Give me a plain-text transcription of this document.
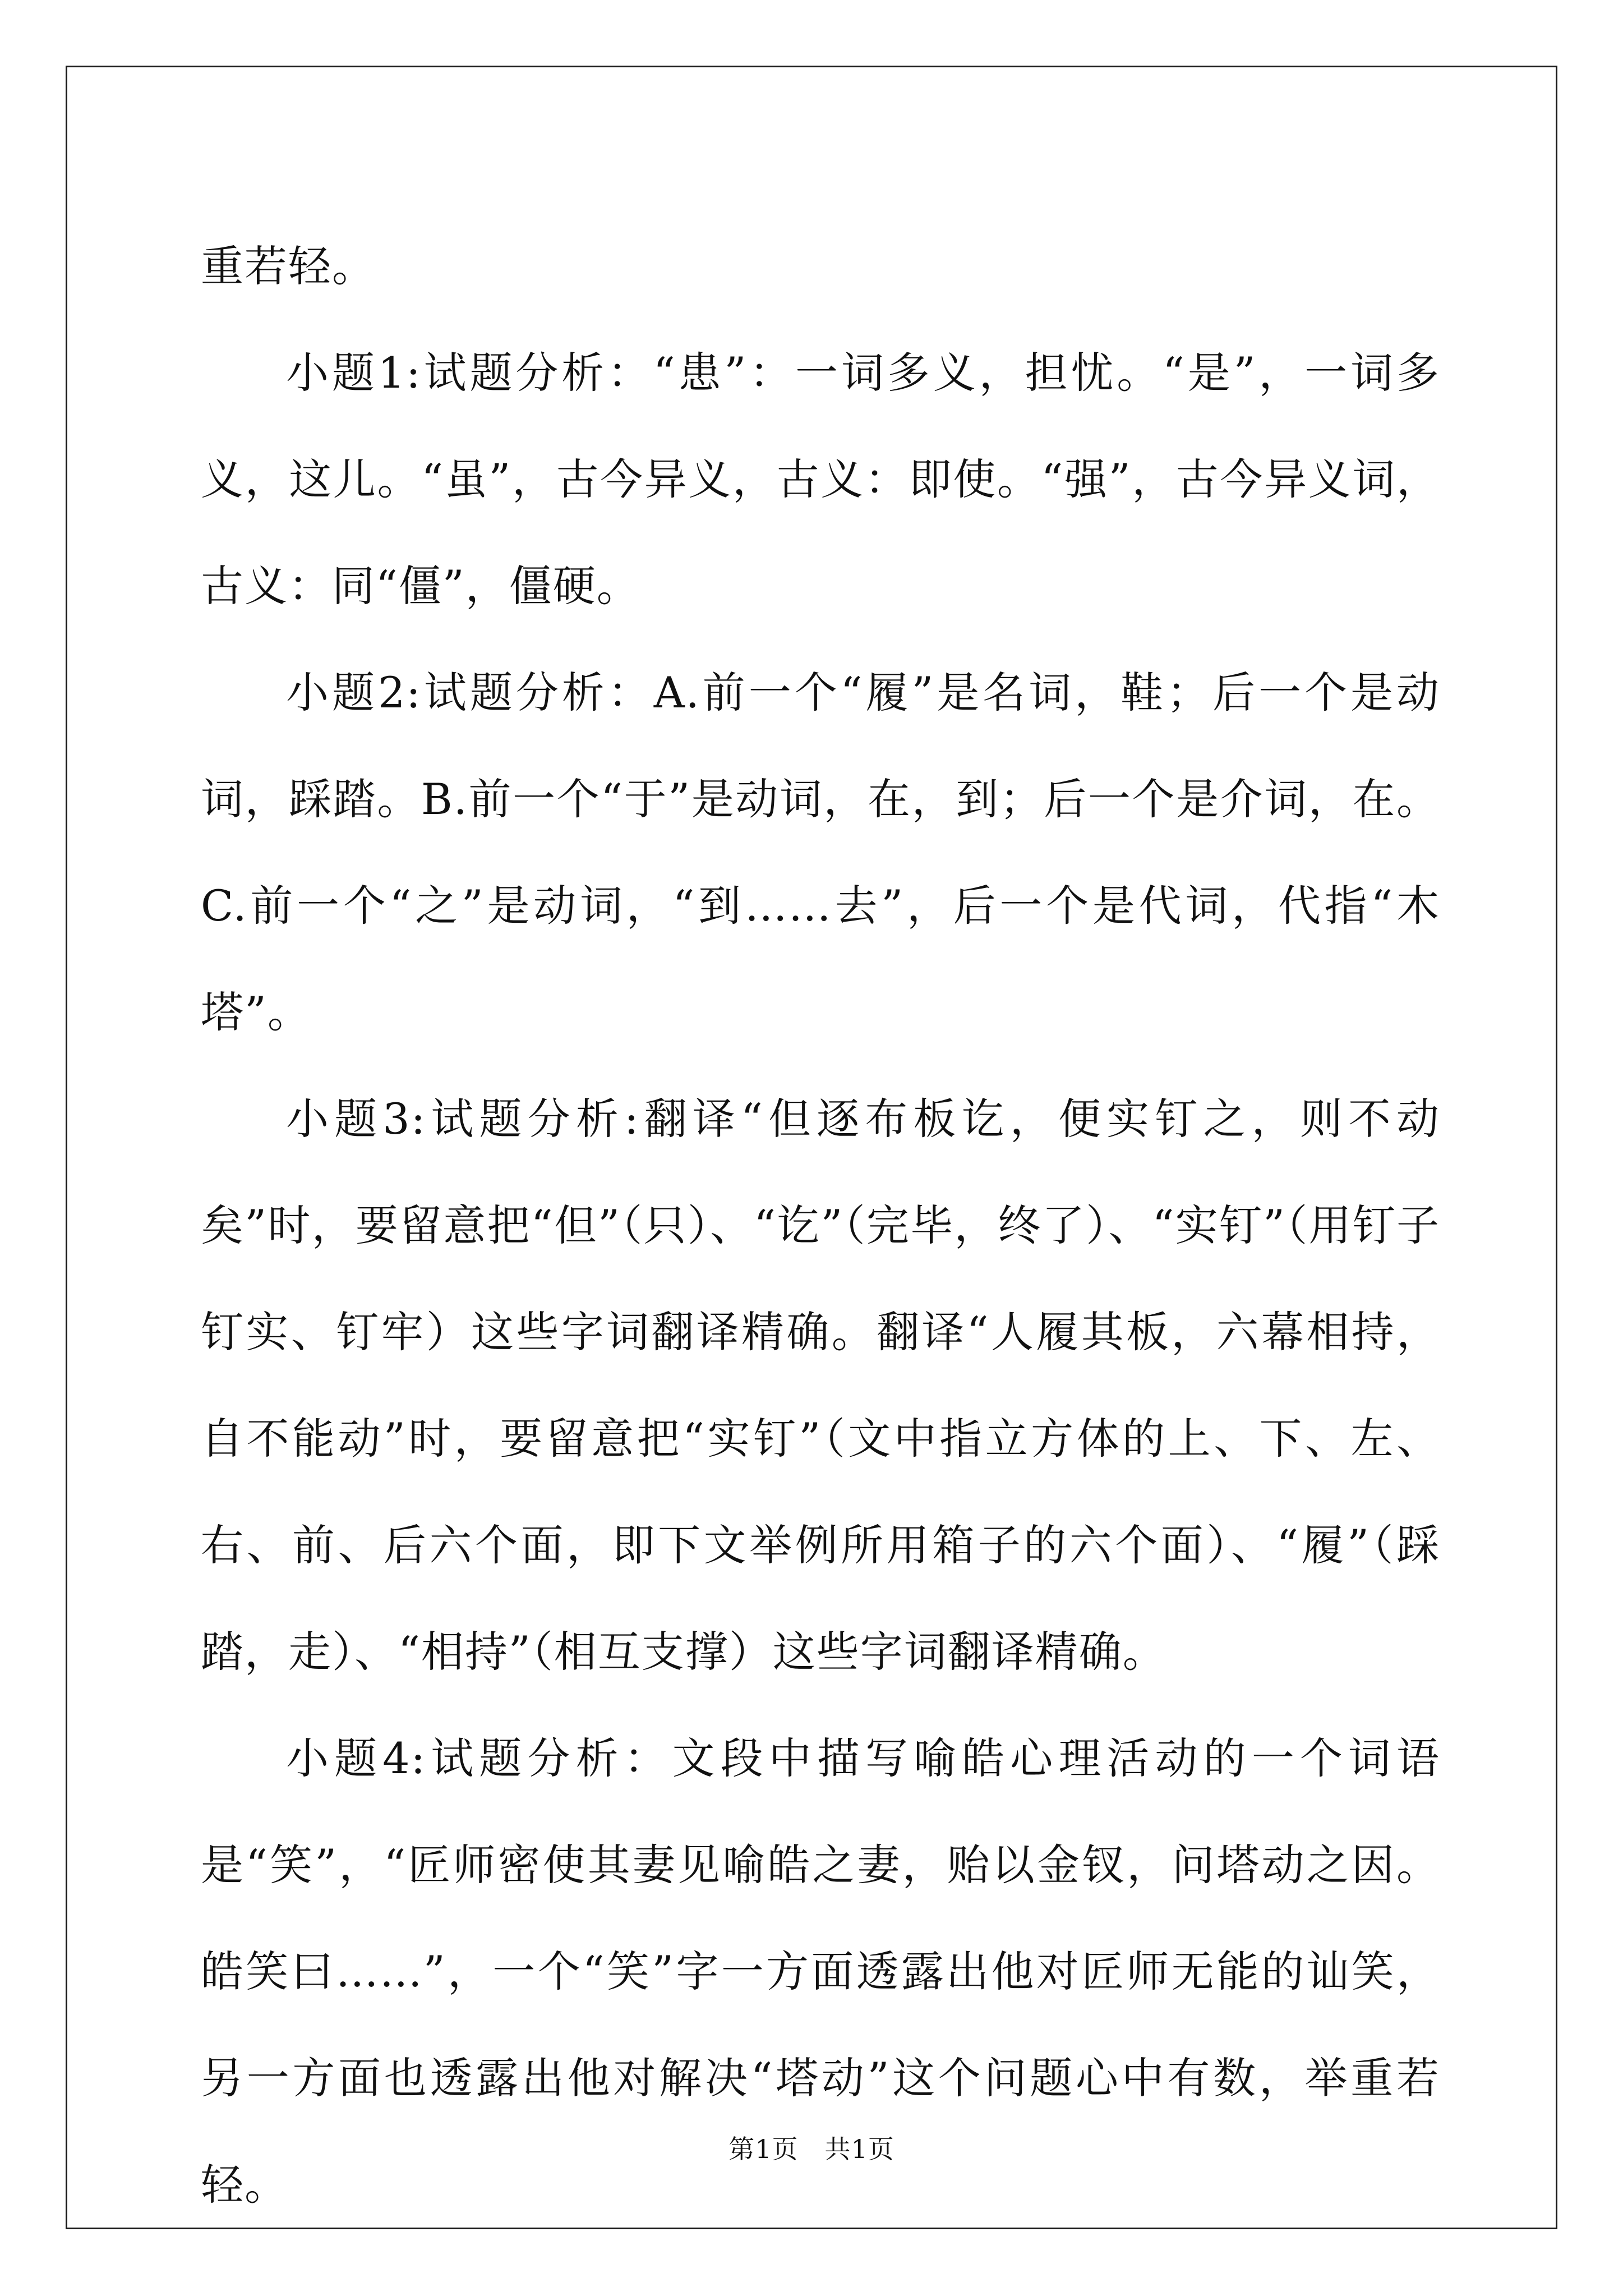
重若轻。

小题1:试题分析：“患”：一词多义，担忧。“是”，一词多义，这儿。“虽”，古今异义，古义：即使。“强”，古今异义词，古义：同“僵”，僵硬。

小题2:试题分析：A.前一个“履”是名词，鞋；后一个是动词，踩踏。B.前一个“于”是动词，在，到；后一个是介词，在。C.前一个“之”是动词，“到……去”，后一个是代词，代指“木塔”。

小题3:试题分析:翻译“但逐布板讫，便实钉之，则不动矣”时，要留意把“但”（只）、“讫”（完毕，终了）、“实钉”（用钉子钉实、钉牢）这些字词翻译精确。翻译“人履其板，六幕相持，自不能动”时，要留意把“实钉”（文中指立方体的上、下、左、右、前、后六个面，即下文举例所用箱子的六个面）、“履”（踩踏，走）、“相持”（相互支撑）这些字词翻译精确。

小题4:试题分析：文段中描写喻皓心理活动的一个词语是“笑”，“匠师密使其妻见喻皓之妻，贻以金钗，问塔动之因。皓笑曰……”，一个“笑”字一方面透露出他对匠师无能的讪笑，另一方面也透露出他对解决“塔动”这个问题心中有数，举重若轻。

第1页　共1页
